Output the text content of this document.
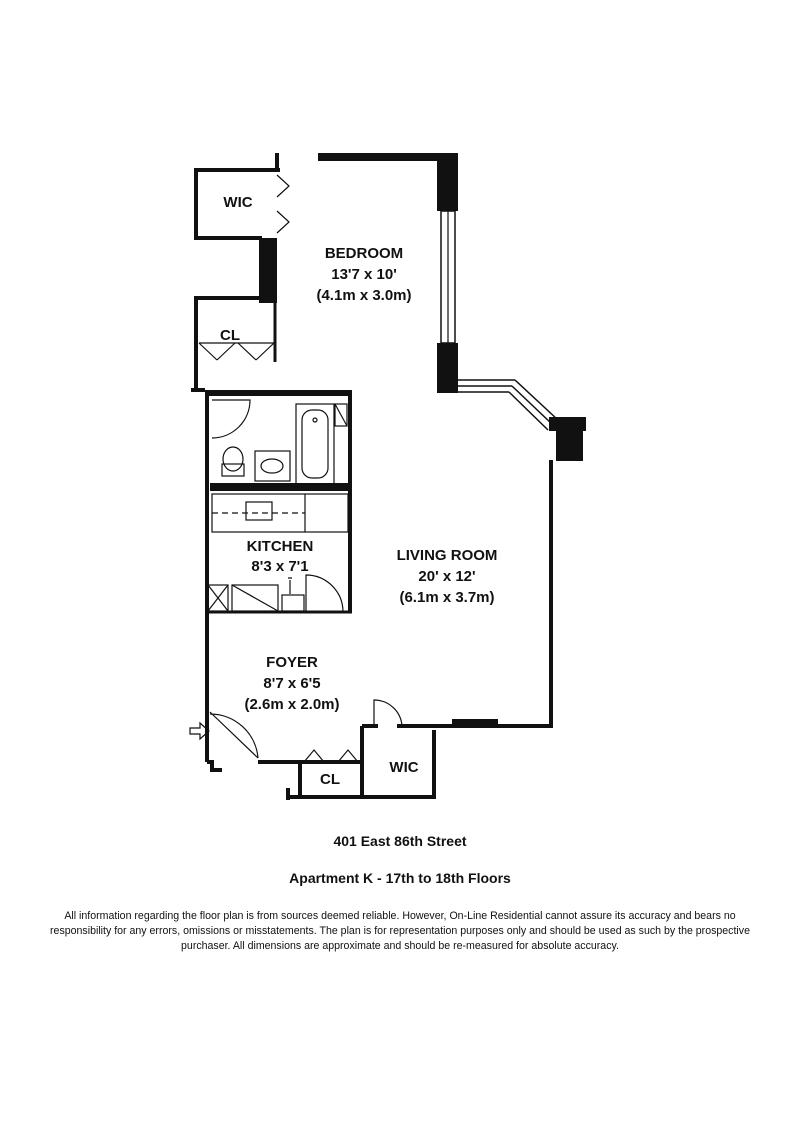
WIC
CL
BEDROOM
13'7 x 10'
(4.1m x 3.0m)
KITCHEN
8'3 x 7'1
LIVING ROOM
20' x 12'
(6.1m x 3.7m)
FOYER
8'7 x 6'5
(2.6m x 2.0m)
CL
WIC
401 East 86th Street
Apartment K - 17th to 18th Floors
All information regarding the floor plan is from sources deemed reliable. However, On-Line Residential cannot assure its accuracy and bears no responsibility for any errors, omissions or misstatements. The plan is for representation purposes only and should be used as such by the prospective purchaser. All dimensions are approximate and should be re-measured for absolute accuracy.
